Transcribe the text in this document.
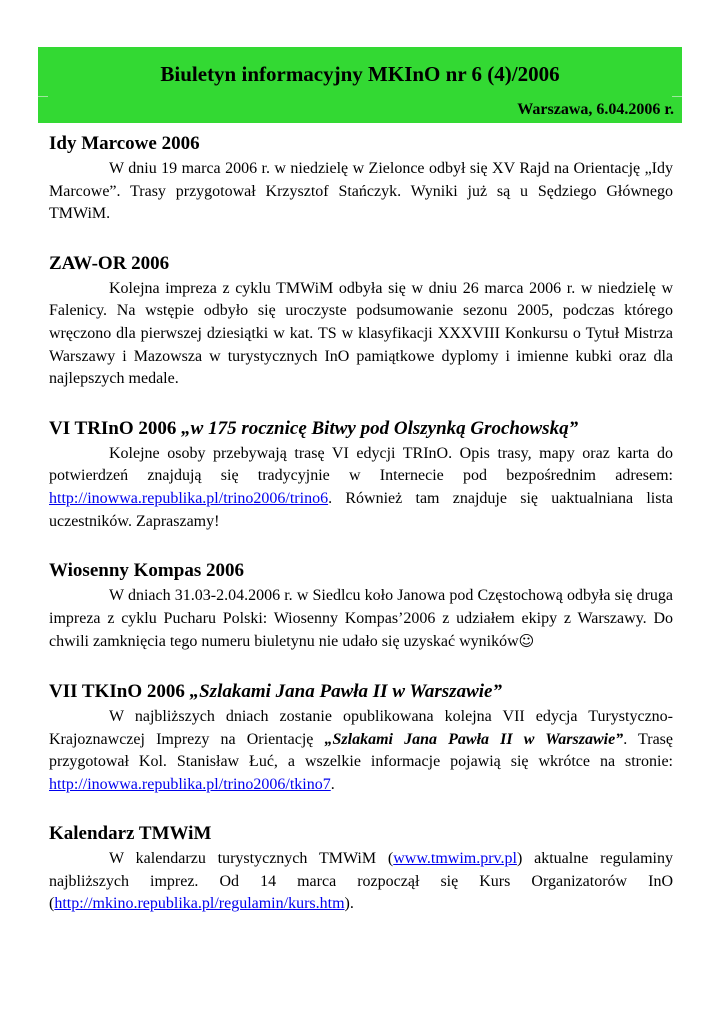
Biuletyn informacyjny MKInO nr 6 (4)/2006
Warszawa, 6.04.2006 r.
Idy Marcowe 2006

W dniu 19 marca 2006 r. w niedzielę w Zielonce odbył się XV Rajd na Orientację „Idy Marcowe”. Trasy przygotował Krzysztof Stańczyk. Wyniki już są u Sędziego Głównego TMWiM.

ZAW-OR 2006

Kolejna impreza z cyklu TMWiM odbyła się w dniu 26 marca 2006 r. w niedzielę w Falenicy. Na wstępie odbyło się uroczyste podsumowanie sezonu 2005, podczas którego wręczono dla pierwszej dziesiątki w kat. TS w klasyfikacji XXXVIII Konkursu o Tytuł Mistrza Warszawy i Mazowsza w turystycznych InO pamiątkowe dyplomy i imienne kubki oraz dla najlepszych medale.

VI TRInO 2006 „w 175 rocznicę Bitwy pod Olszynką Grochowską”

Kolejne osoby przebywają trasę VI edycji TRInO. Opis trasy, mapy oraz karta do potwierdzeń znajdują się tradycyjnie w Internecie pod bezpośrednim adresem: http://inowwa.republika.pl/trino2006/trino6. Również tam znajduje się uaktualniana lista uczestników. Zapraszamy!

Wiosenny Kompas 2006

W dniach 31.03-2.04.2006 r. w Siedlcu koło Janowa pod Częstochową odbyła się druga impreza z cyklu Pucharu Polski: Wiosenny Kompas’2006 z udziałem ekipy z Warszawy. Do chwili zamknięcia tego numeru biuletynu nie udało się uzyskać wyników☺

VII TKInO 2006 „Szlakami Jana Pawła II w Warszawie”

W najbliższych dniach zostanie opublikowana kolejna VII edycja Turystyczno-Krajoznawczej Imprezy na Orientację „Szlakami Jana Pawła II w Warszawie”. Trasę przygotował Kol. Stanisław Łuć, a wszelkie informacje pojawią się wkrótce na stronie: http://inowwa.republika.pl/trino2006/tkino7.

Kalendarz TMWiM

W kalendarzu turystycznych TMWiM (www.tmwim.prv.pl) aktualne regulaminy najbliższych imprez. Od 14 marca rozpoczął się Kurs Organizatorów InO (http://mkino.republika.pl/regulamin/kurs.htm).
